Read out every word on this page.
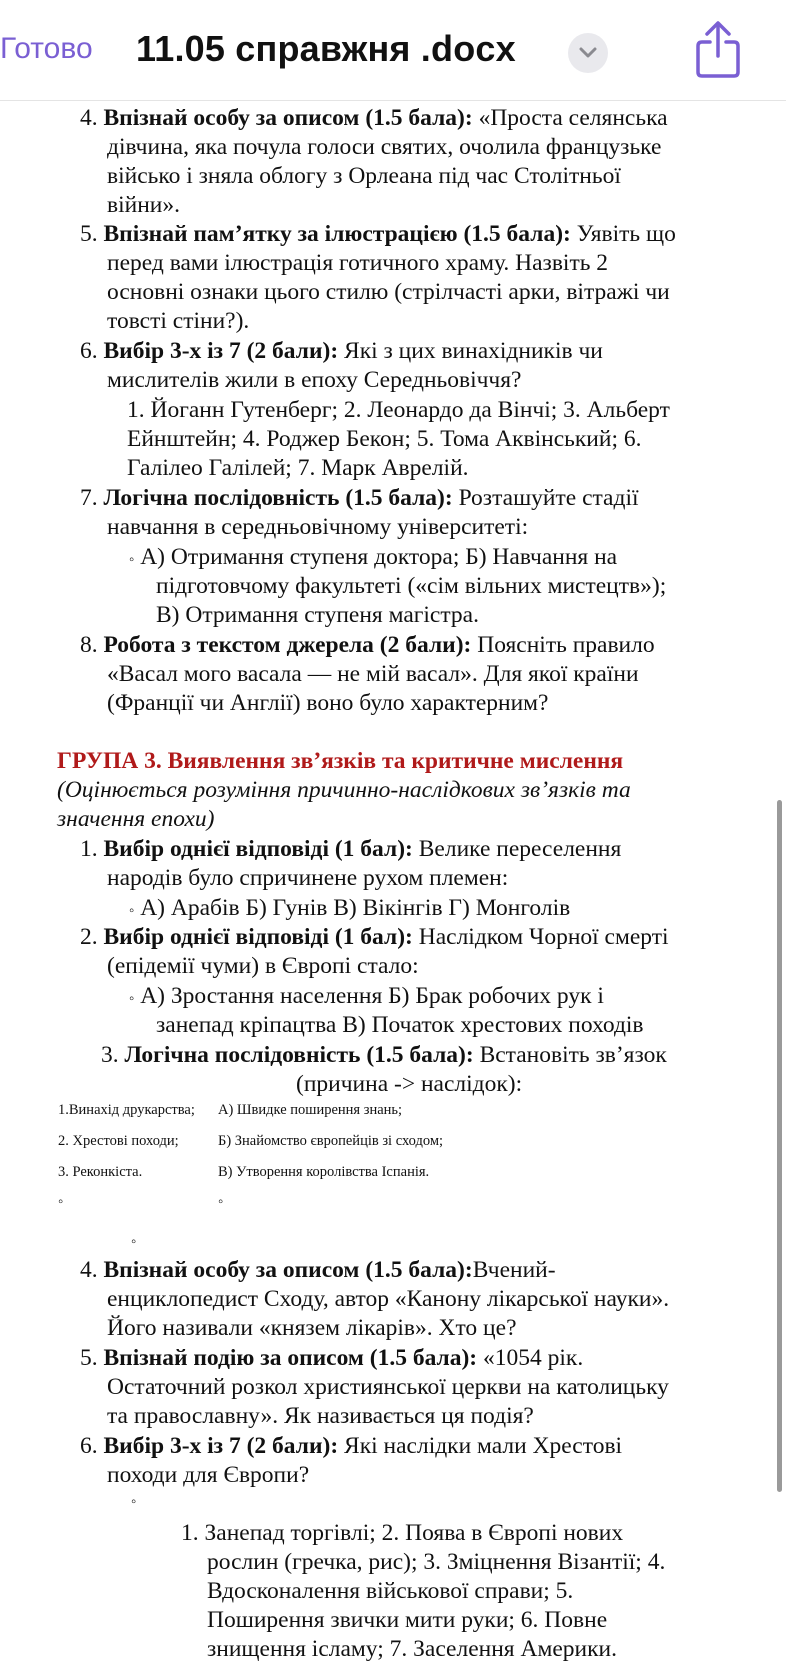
Готово 11.05 справжня .docx
4. Впізнай особу за описом (1.5 бала): «Проста селянська
дівчина, яка почула голоси святих, очолила французьке
військо і зняла облогу з Орлеана під час Столітньої
війни».
5. Впізнай пам’ятку за ілюстрацією (1.5 бала): Уявіть що
перед вами ілюстрація готичного храму. Назвіть 2
основні ознаки цього стилю (стрілчасті арки, вітражі чи
товсті стіни?).
6. Вибір 3-х із 7 (2 бали): Які з цих винахідників чи
мислителів жили в епоху Середньовіччя?
1. Йоганн Гутенберг; 2. Леонардо да Вінчі; 3. Альберт
Ейнштейн; 4. Роджер Бекон; 5. Тома Аквінський; 6.
Галілео Галілей; 7. Марк Аврелій.
7. Логічна послідовність (1.5 бала): Розташуйте стадії
навчання в середньовічному університеті:
◦ А) Отримання ступеня доктора; Б) Навчання на
підготовчому факультеті («сім вільних мистецтв»);
В) Отримання ступеня магістра.
8. Робота з текстом джерела (2 бали): Поясніть правило
«Васал мого васала — не мій васал». Для якої країни
(Франції чи Англії) воно було характерним?
ГРУПА 3. Виявлення зв’язків та критичне мислення
(Оцінюється розуміння причинно-наслідкових зв’язків та
значення епохи)
1. Вибір однієї відповіді (1 бал): Велике переселення
народів було спричинене рухом племен:
◦ А) Арабів Б) Гунів В) Вікінгів Г) Монголів
2. Вибір однієї відповіді (1 бал): Наслідком Чорної смерті
(епідемії чуми) в Європі стало:
◦ А) Зростання населення Б) Брак робочих рук і
занепад кріпацтва В) Початок хрестових походів
3. Логічна послідовність (1.5 бала): Встановіть зв’язок
(причина -> наслідок):
1.Винахід друкарства; А) Швидке поширення знань;
2. Хрестові походи;	Б) Знайомство європейців зі сходом;
3. Реконкіста.	В) Утворення королівства Іспанія.
◦	◦
◦
4. Впізнай особу за описом (1.5 бала):Вчений-
енциклопедист Сходу, автор «Канону лікарської науки».
Його називали «князем лікарів». Хто це?
5. Впізнай подію за описом (1.5 бала): «1054 рік.
Остаточний розкол християнської церкви на католицьку
та православну». Як називається ця подія?
6. Вибір 3-х із 7 (2 бали): Які наслідки мали Хрестові
походи для Європи?
◦
1. Занепад торгівлі; 2. Поява в Європі нових
рослин (гречка, рис); 3. Зміцнення Візантії; 4.
Вдосконалення військової справи; 5.
Поширення звички мити руки; 6. Повне
знищення ісламу; 7. Заселення Америки.
